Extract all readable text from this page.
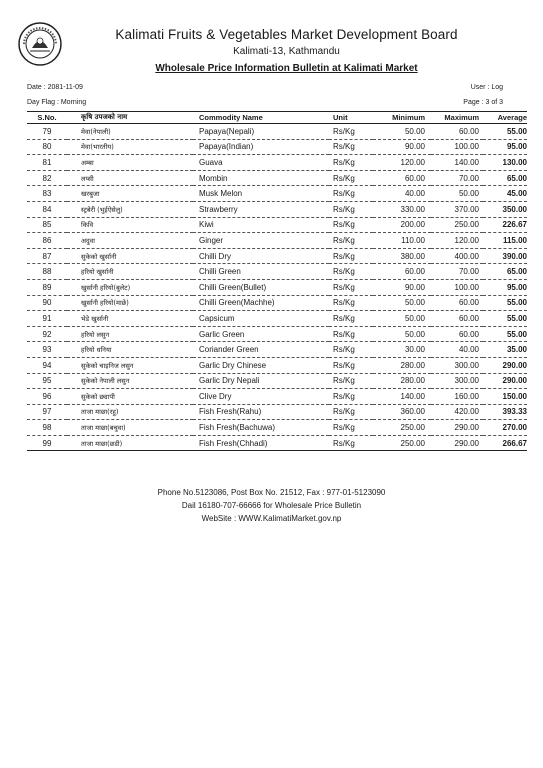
Kalimati Fruits & Vegetables Market Development Board
Kalimati-13, Kathmandu
Wholesale Price Information Bulletin at Kalimati Market
Date : 2081-11-09	User : Log
Day Flag : Morning	Page : 3 of 3
S.No.	कृषि उपजको नाम	Commodity Name	Unit	Minimum	Maximum	Average
79	मेवा(नेपाली)	Papaya(Nepali)	Rs/Kg	50.00	60.00	55.00
80	मेवा(भारतीय)	Papaya(Indian)	Rs/Kg	90.00	100.00	95.00
81	अम्बा	Guava	Rs/Kg	120.00	140.00	130.00
82	लप्सी	Mombin	Rs/Kg	60.00	70.00	65.00
83	खरबुजा	Musk Melon	Rs/Kg	40.00	50.00	45.00
84	स्ट्रबेरी (भुईऐसेलु)	Strawberry	Rs/Kg	330.00	370.00	350.00
85	किवि	Kiwi	Rs/Kg	200.00	250.00	226.67
86	अदुवा	Ginger	Rs/Kg	110.00	120.00	115.00
87	सुकेको खुर्सानी	Chilli Dry	Rs/Kg	380.00	400.00	390.00
88	हरियो खुर्सानी	Chilli Green	Rs/Kg	60.00	70.00	65.00
89	खुर्सानी हरियो(बुलेट)	Chilli Green(Bullet)	Rs/Kg	90.00	100.00	95.00
90	खुर्सानी हरियो(माछे)	Chilli Green(Machhe)	Rs/Kg	50.00	60.00	55.00
91	भेडे खुर्सानी	Capsicum	Rs/Kg	50.00	60.00	55.00
92	हरियो लसुन	Garlic Green	Rs/Kg	50.00	60.00	55.00
93	हरियो धनिया	Coriander Green	Rs/Kg	30.00	40.00	35.00
94	सुकेको चाइनिज लसुन	Garlic Dry Chinese	Rs/Kg	280.00	300.00	290.00
95	सुकेको नेपाली लसुन	Garlic Dry Nepali	Rs/Kg	280.00	300.00	290.00
96	सुकेको छ्यापी	Clive Dry	Rs/Kg	140.00	160.00	150.00
97	ताजा माछा(रहु)	Fish Fresh(Rahu)	Rs/Kg	360.00	420.00	393.33
98	ताजा माछा(बचुवा)	Fish Fresh(Bachuwa)	Rs/Kg	250.00	290.00	270.00
99	ताजा माछा(छडी)	Fish Fresh(Chhadi)	Rs/Kg	250.00	290.00	266.67
Phone No.5123086, Post Box No. 21512, Fax : 977-01-5123090
Dail 16180-707-66666 for Wholesale Price Bulletin
WebSite : WWW.KalimatiMarket.gov.np
